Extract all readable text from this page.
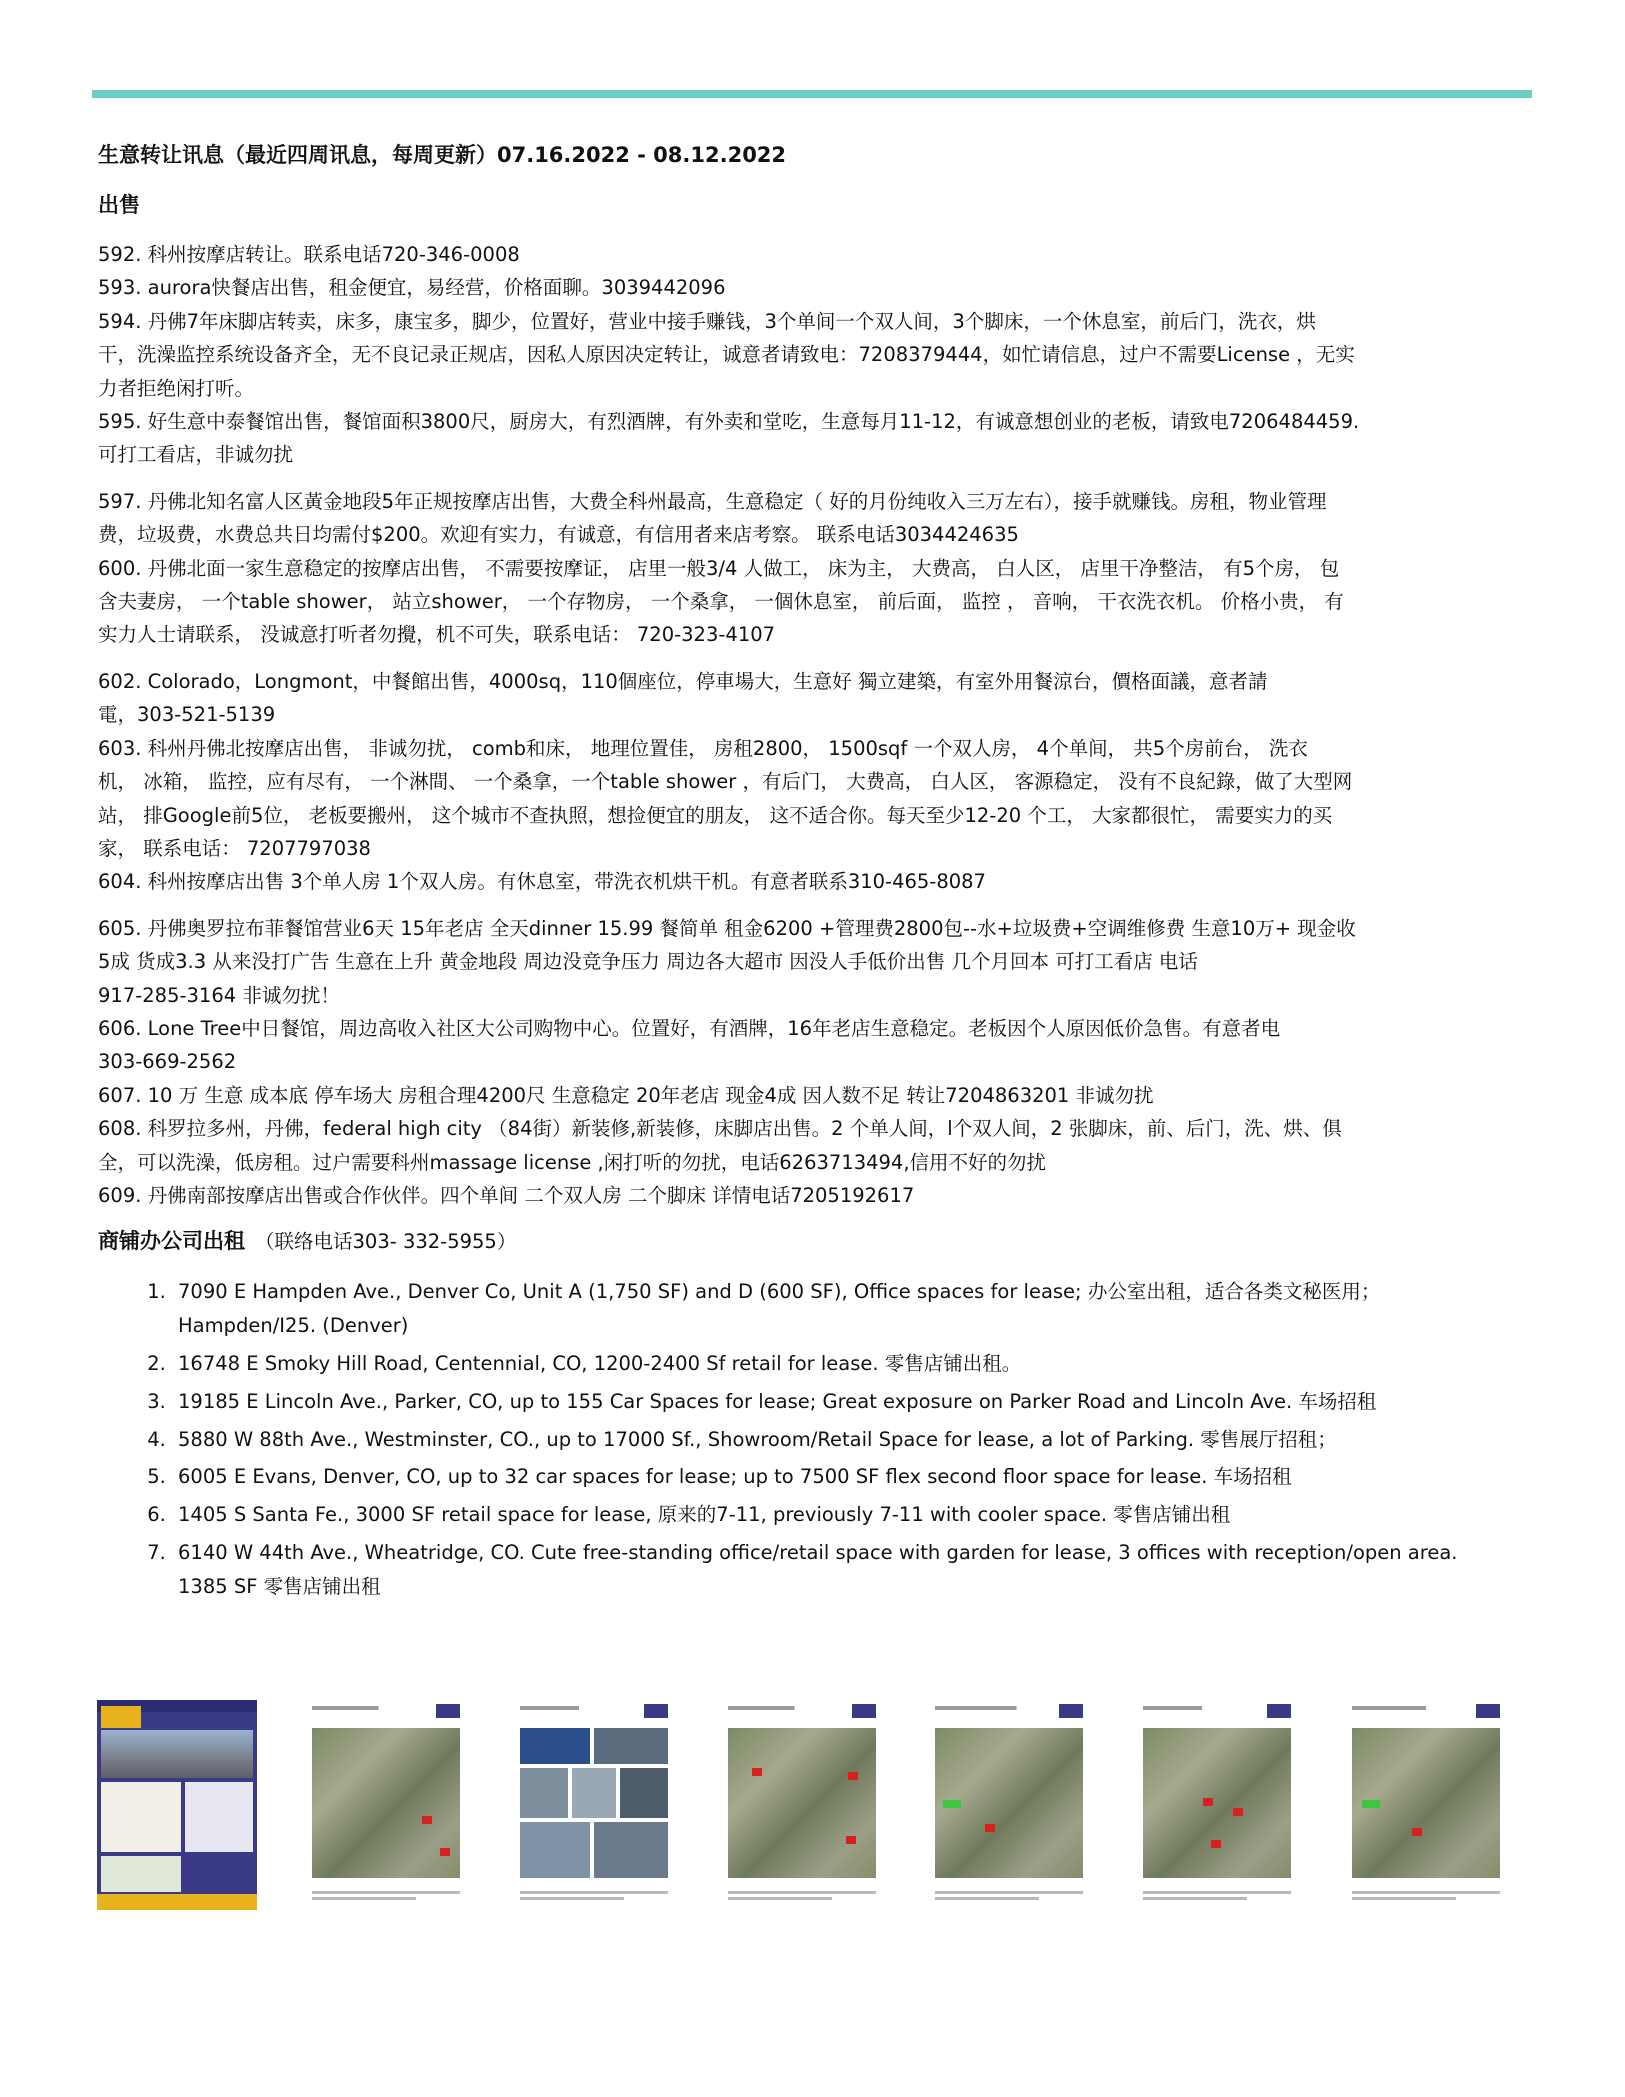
生意转让讯息（最近四周讯息，每周更新）07.16.2022 - 08.12.2022

出售

592. 科州按摩店转让。联系电话720-346-0008
593. aurora快餐店出售，租金便宜，易经营，价格面聊。3039442096
594. 丹佛7年床脚店转卖，床多，康宝多，脚少，位置好，营业中接手赚钱，3个单间一个双人间，3个脚床，一个休息室，前后门，洗衣，烘
干，洗澡监控系统设备齐全，无不良记录正规店，因私人原因决定转让，诚意者请致电：7208379444，如忙请信息，过户不需要License ，无实
力者拒绝闲打听。
595. 好生意中泰餐馆出售，餐馆面积3800尺，厨房大，有烈酒牌，有外卖和堂吃，生意每月11-12，有诚意想创业的老板，请致电7206484459.
可打工看店，非诚勿扰

597. 丹佛北知名富人区黃金地段5年正规按摩店出售，大费全科州最高，生意稳定（ 好的月份纯收入三万左右），接手就赚钱。房租，物业管理
费，垃圾费，水费总共日均需付$200。欢迎有实力，有诚意，有信用者来店考察。 联系电话3034424635
600. 丹佛北面一家生意稳定的按摩店出售， 不需要按摩证， 店里一般3/4 人做工， 床为主， 大费高， 白人区， 店里干净整洁， 有5个房， 包
含夫妻房， 一个table shower， 站立shower， 一个存物房， 一个桑拿， 一個休息室， 前后面， 监控 ， 音响， 干衣洗衣机。 价格小贵， 有
实力人士请联系， 没诚意打听者勿攪，机不可失，联系电话： 720-323-4107

602. Colorado，Longmont，中餐館出售，4000sq，110個座位，停車場大，生意好 獨立建築，有室外用餐涼台，價格面議，意者請
電，303-521-5139
603. 科州丹佛北按摩店出售， 非诚勿扰， comb和床， 地理位置佳， 房租2800， 1500sqf 一个双人房， 4个单间， 共5个房前台， 洗衣
机， 冰箱， 监控，应有尽有， 一个淋間、 一个桑拿，一个table shower ，有后门， 大费高， 白人区， 客源稳定， 没有不良紀錄，做了大型网
站， 排Google前5位， 老板要搬州， 这个城市不查执照，想捡便宜的朋友， 这不适合你。每天至少12-20 个工， 大家都很忙， 需要实力的买
家， 联系电话： 7207797038
604. 科州按摩店出售 3个单人房 1个双人房。有休息室，带洗衣机烘干机。有意者联系310-465-8087

605. 丹佛奥罗拉布菲餐馆营业6天 15年老店 全天dinner 15.99 餐简单 租金6200 +管理费2800包--水+垃圾费+空调维修费 生意10万+ 现金收
5成 货成3.3 从来没打广告 生意在上升 黄金地段 周边没竞争压力 周边各大超市 因没人手低价出售 几个月回本 可打工看店 电话
917-285-3164 非诚勿扰！
606. Lone Tree中日餐馆，周边高收入社区大公司购物中心。位置好，有酒牌，16年老店生意稳定。老板因个人原因低价急售。有意者电
303-669-2562
607. 10 万 生意 成本底 停车场大 房租合理4200尺 生意稳定 20年老店 现金4成 因人数不足 转让7204863201 非诚勿扰
608. 科罗拉多州，丹佛，federal high city （84街）新装修,新装修，床脚店出售。2 个单人间，l个双人间，2 张脚床，前、后门，洗、烘、俱
全，可以洗澡，低房租。过户需要科州massage license ,闲打听的勿扰，电话6263713494,信用不好的勿扰
609. 丹佛南部按摩店出售或合作伙伴。四个单间 二个双人房 二个脚床 详情电话7205192617

商铺办公司出租 （联络电话303- 332-5955）
1. 7090 E Hampden Ave., Denver Co, Unit A (1,750 SF) and D (600 SF), Office spaces for lease; 办公室出租，适合各类文秘医用；Hampden/I25. (Denver)
2. 16748 E Smoky Hill Road, Centennial, CO, 1200-2400 Sf retail for lease. 零售店铺出租。
3. 19185 E Lincoln Ave., Parker, CO, up to 155 Car Spaces for lease; Great exposure on Parker Road and Lincoln Ave. 车场招租
4. 5880 W 88th Ave., Westminster, CO., up to 17000 Sf., Showroom/Retail Space for lease, a lot of Parking. 零售展厅招租；
5. 6005 E Evans, Denver, CO, up to 32 car spaces for lease; up to 7500 SF flex second floor space for lease. 车场招租
6. 1405 S Santa Fe., 3000 SF retail space for lease, 原来的7-11, previously 7-11 with cooler space. 零售店铺出租
7. 6140 W 44th Ave., Wheatridge, CO. Cute free-standing office/retail space with garden for lease, 3 offices with reception/open area. 1385 SF 零售店铺出租
